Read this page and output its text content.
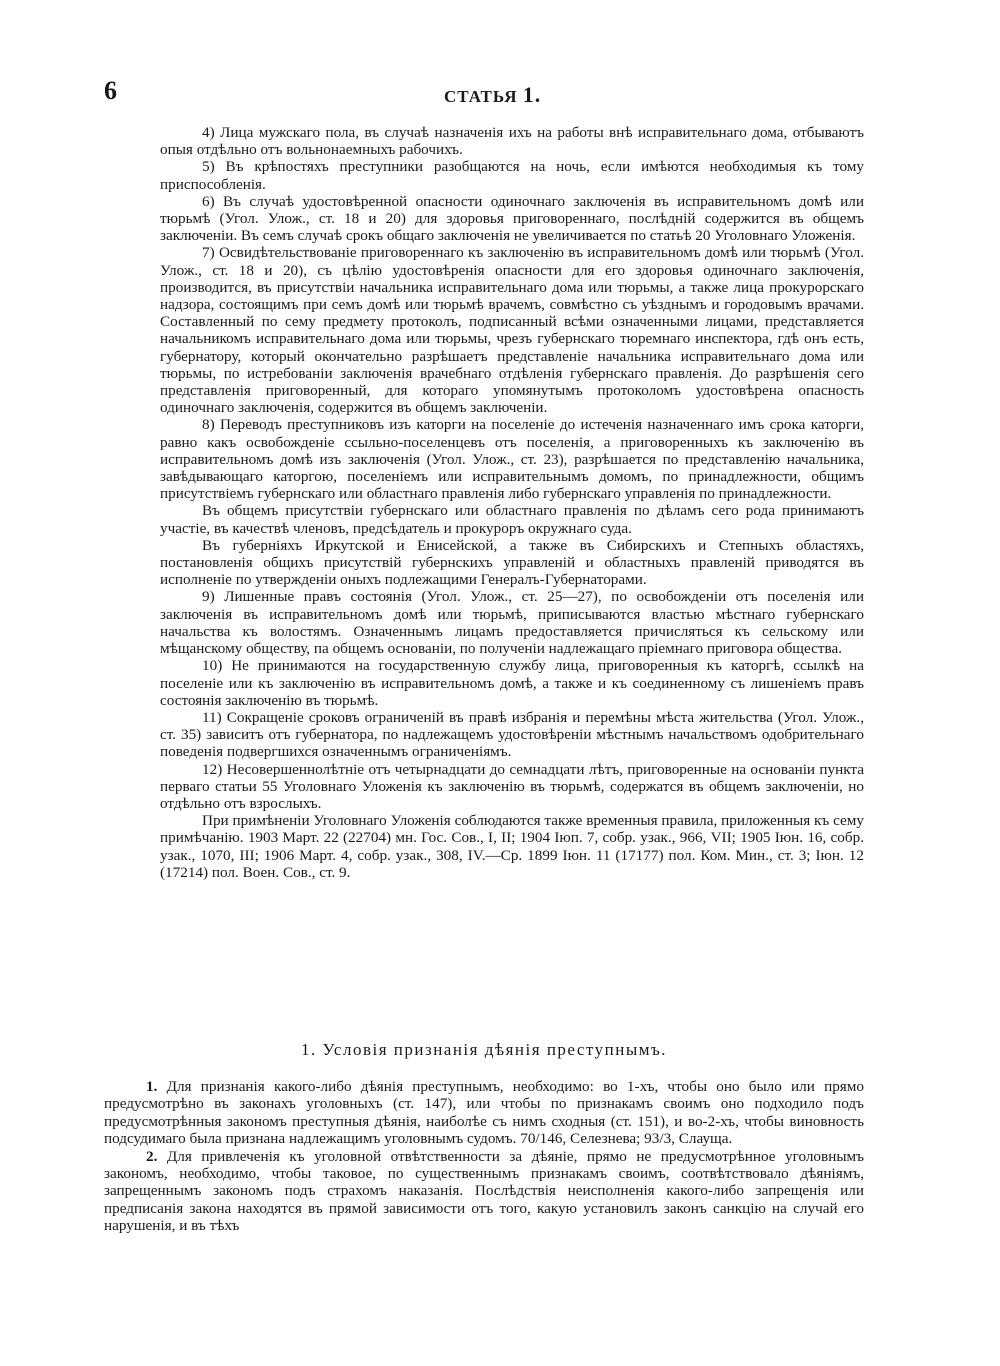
6	СТАТЬЯ 1.

4) Лица мужскаго пола, въ случаѣ назначенія ихъ на работы внѣ исправительнаго дома, отбываютъ опыя отдѣльно отъ вольнонаемныхъ рабочихъ.

5) Въ крѣпостяхъ преступники разобщаются на ночь, если имѣются необходимыя къ тому приспособленія.

6) Въ случаѣ удостовѣренной опасности одиночнаго заключенія въ исправительномъ домѣ или тюрьмѣ (Угол. Улож., ст. 18 и 20) для здоровья приговореннаго, послѣдній содержится въ общемъ заключеніи. Въ семъ случаѣ срокъ общаго заключенія не увеличивается по статьѣ 20 Уголовнаго Уложенія.

7) Освидѣтельствованіе приговореннаго къ заключенію въ исправительномъ домѣ или тюрьмѣ (Угол. Улож., ст. 18 и 20), съ цѣлію удостовѣренія опасности для его здоровья одиночнаго заключенія, производится, въ присутствіи начальника исправительнаго дома или тюрьмы, а также лица прокурорскаго надзора, состоящимъ при семъ домѣ или тюрьмѣ врачемъ, совмѣстно съ уѣзднымъ и городовымъ врачами. Составленный по сему предмету протоколъ, подписанный всѣми означенными лицами, представляется начальникомъ исправительнаго дома или тюрьмы, чрезъ губернскаго тюремнаго инспектора, гдѣ онъ есть, губернатору, который окончательно разрѣшаетъ представленіе начальника исправительнаго дома или тюрьмы, по истребованіи заключенія врачебнаго отдѣленія губернскаго правленія. До разрѣшенія сего представленія приговоренный, для котораго упомянутымъ протоколомъ удостовѣрена опасность одиночнаго заключенія, содержится въ общемъ заключеніи.

8) Переводъ преступниковъ изъ каторги на поселеніе до истеченія назначеннаго имъ срока каторги, равно какъ освобожденіе ссыльно-поселенцевъ отъ поселенія, а приговоренныхъ къ заключенію въ исправительномъ домѣ изъ заключенія (Угол. Улож., ст. 23), разрѣшается по представленію начальника, завѣдывающаго каторгою, поселеніемъ или исправительнымъ домомъ, по принадлежности, общимъ присутствіемъ губернскаго или областнаго правленія либо губернскаго управленія по принадлежности.

Въ общемъ присутствіи губернскаго или областнаго правленія по дѣламъ сего рода принимаютъ участіе, въ качествѣ членовъ, предсѣдатель и прокуроръ окружнаго суда.

Въ губерніяхъ Иркутской и Енисейской, а также въ Сибирскихъ и Степныхъ областяхъ, постановленія общихъ присутствій губернскихъ управленій и областныхъ правленій приводятся въ исполненіе по утвержденіи оныхъ подлежащими Генералъ-Губернаторами.

9) Лишенные правъ состоянія (Угол. Улож., ст. 25—27), по освобожденіи отъ поселенія или заключенія въ исправительномъ домѣ или тюрьмѣ, приписываются властью мѣстнаго губернскаго начальства къ волостямъ. Означеннымъ лицамъ предоставляется причисляться къ сельскому или мѣщанскому обществу, па общемъ основаніи, по полученіи надлежащаго пріемнаго приговора общества.

10) Не принимаются на государственную службу лица, приговоренныя къ каторгѣ, ссылкѣ на поселеніе или къ заключенію въ исправительномъ домѣ, а также и къ соединенному съ лишеніемъ правъ состоянія заключенію въ тюрьмѣ.

11) Сокращеніе сроковъ ограниченій въ правѣ избранія и перемѣны мѣста жительства (Угол. Улож., ст. 35) зависитъ отъ губернатора, по надлежащемъ удостовѣреніи мѣстнымъ начальствомъ одобрительнаго поведенія подвергшихся означеннымъ ограниченіямъ.

12) Несовершеннолѣтніе отъ четырнадцати до семнадцати лѣтъ, приговоренные на основаніи пункта перваго статьи 55 Уголовнаго Уложенія къ заключенію въ тюрьмѣ, содержатся въ общемъ заключеніи, но отдѣльно отъ взрослыхъ.

При примѣненіи Уголовнаго Уложенія соблюдаются также временныя правила, приложенныя къ сему примѣчанію. 1903 Март. 22 (22704) мн. Гос. Сов., I, II; 1904 Іюп. 7, собр. узак., 966, VII; 1905 Іюн. 16, собр. узак., 1070, III; 1906 Март. 4, собр. узак., 308, IV.—Ср. 1899 Іюн. 11 (17177) пол. Ком. Мин., ст. 3; Іюн. 12 (17214) пол. Воен. Сов., ст. 9.

1. Условія признанія дѣянія преступнымъ.

1. Для признанія какого-либо дѣянія преступнымъ, необходимо: во 1-хъ, чтобы оно было или прямо предусмотрѣно въ законахъ уголовныхъ (ст. 147), или чтобы по признакамъ своимъ оно подходило подъ предусмотрѣнныя закономъ преступныя дѣянія, наиболѣе съ нимъ сходныя (ст. 151), и во-2-хъ, чтобы виновность подсудимаго была признана надлежащимъ уголовнымъ судомъ. 70/146, Селезнева; 93/3, Слауща.

2. Для привлеченія къ уголовной отвѣтственности за дѣяніе, прямо не предусмотрѣнное уголовнымъ закономъ, необходимо, чтобы таковое, по существеннымъ признакамъ своимъ, соотвѣтствовало дѣяніямъ, запрещеннымъ закономъ подъ страхомъ наказанія. Послѣдствія неисполненія какого-либо запрещенія или предписанія закона находятся въ прямой зависимости отъ того, какую установилъ законъ санкцію на случай его нарушенія, и въ тѣхъ
